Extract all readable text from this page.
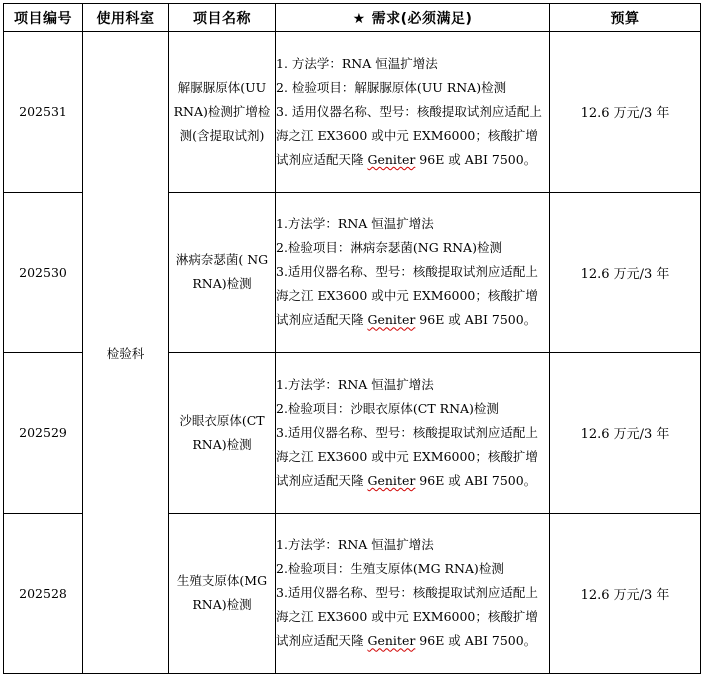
项目编号	使用科室	项目名称	★ 需求(必须满足)	预算
202531	检验科	解脲脲原体(UU RNA)检测扩增检测(含提取试剂)	1. 方法学：RNA 恒温扩增法
2. 检验项目：解脲脲原体(UU RNA)检测
3. 适用仪器名称、型号：核酸提取试剂应适配上海之江 EX3600 或中元 EXM6000；核酸扩增试剂应适配天隆 Geniter 96E 或 ABI 7500。	12.6 万元/3 年
202530		淋病奈瑟菌( NG RNA)检测	1.方法学：RNA 恒温扩增法
2.检验项目：淋病奈瑟菌(NG RNA)检测
3.适用仪器名称、型号：核酸提取试剂应适配上海之江 EX3600 或中元 EXM6000；核酸扩增试剂应适配天隆 Geniter 96E 或 ABI 7500。	12.6 万元/3 年
202529		沙眼衣原体(CT RNA)检测	1.方法学：RNA 恒温扩增法
2.检验项目：沙眼衣原体(CT RNA)检测
3.适用仪器名称、型号：核酸提取试剂应适配上海之江 EX3600 或中元 EXM6000；核酸扩增试剂应适配天隆 Geniter 96E 或 ABI 7500。	12.6 万元/3 年
202528		生殖支原体(MG RNA)检测	1.方法学：RNA 恒温扩增法
2.检验项目：生殖支原体(MG RNA)检测
3.适用仪器名称、型号：核酸提取试剂应适配上海之江 EX3600 或中元 EXM6000；核酸扩增试剂应适配天隆 Geniter 96E 或 ABI 7500。	12.6 万元/3 年
